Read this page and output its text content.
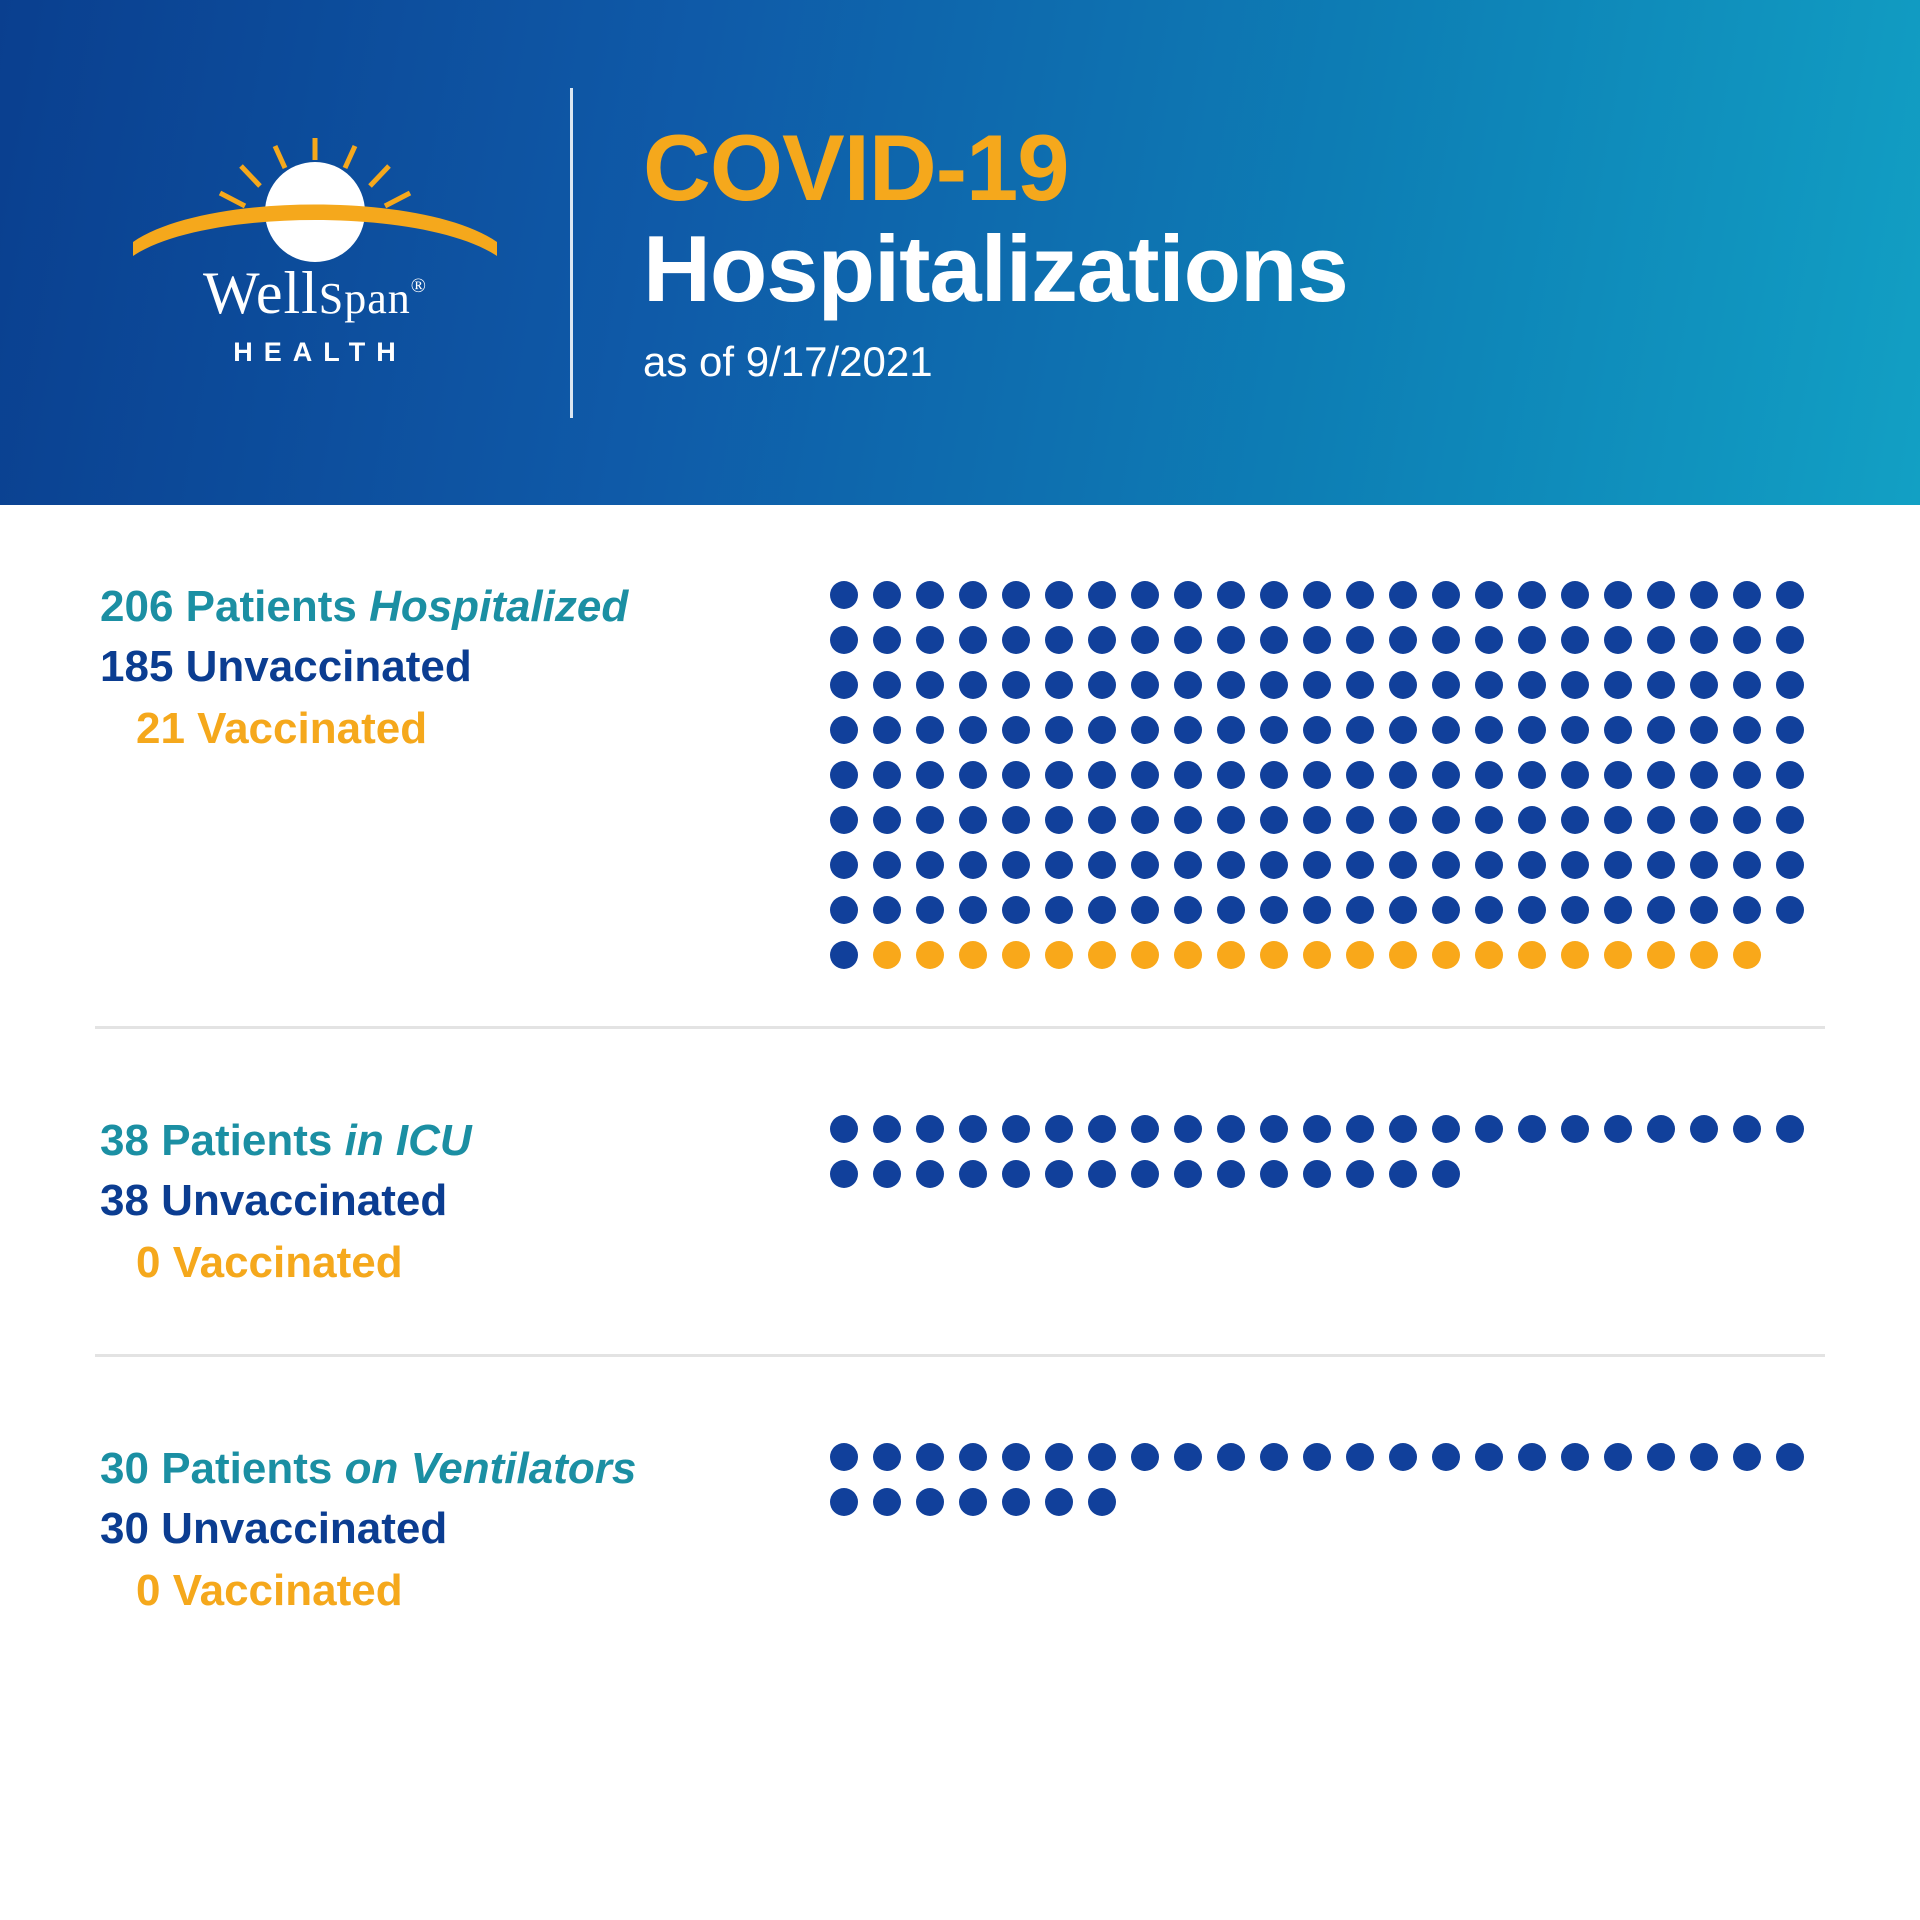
WellSpan®
HEALTH
COVID-19
Hospitalizations
as of 9/17/2021
206 Patients Hospitalized
185 Unvaccinated
21 Vaccinated
38 Patients in ICU
38 Unvaccinated
0 Vaccinated
30 Patients on Ventilators
30 Unvaccinated
0 Vaccinated
